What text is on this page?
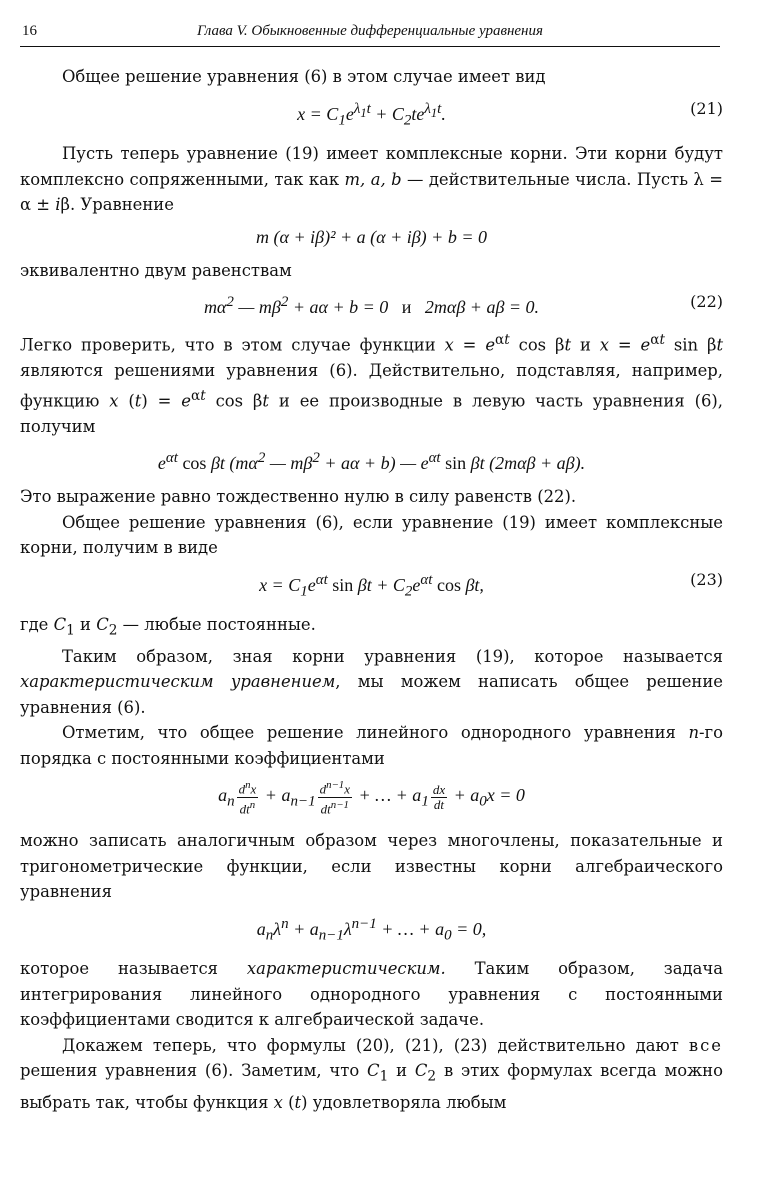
16	Глава V. Обыкновенные дифференциальные уравнения

Общее решение уравнения (6) в этом случае имеет вид

$x = C_1e^{\lambda_1t} + C_2te^{\lambda_1t}$.	(21)

Пусть теперь уравнение (19) имеет комплексные корни. Эти корни будут комплексно сопряженными, так как m, a, b — действительные числа. Пусть λ = α ± iβ. Уравнение

m (α + iβ)² + a (α + iβ) + b = 0

эквивалентно двум равенствам

$m\alpha^2$ — $m\beta^2 + a\alpha + b = 0$   и   2mαβ + aβ = 0.	(22)

Легко проверить, что в этом случае функции $x = e^{\alpha t}$ cos βt и $x = e^{\alpha t}$ sin βt являются решениями уравнения (6). Действительно, подставляя, например, функцию x $(t) = e^{\alpha t}$ cos βt и ее производные в левую часть уравнения (6), получим

$e^{\alpha t}$ cos βt ($m\alpha^2$ — $m\beta^2 + a\alpha + b$) — $e^{\alpha t}$ sin βt (2mαβ + aβ).

Это выражение равно тождественно нулю в силу равенств (22).

Общее решение уравнения (6), если уравнение (19) имеет комплексные корни, получим в виде

$x = C_1e^{\alpha t}$ $\sin \beta t + C_2e^{\alpha t}$ cos βt,	(23)

где $C_1$ и $C_2$ — любые постоянные.

Таким образом, зная корни уравнения (19), которое называется характеристическим уравнением, мы можем написать общее решение уравнения (6).

Отметим, что общее решение линейного однородного уравнения n-го порядка с постоянными коэффициентами

$a_n \frac{d^nx}{dt^n} + a_{n-1} \frac{d^{n-1}x}{dt^{n-1}}$ + … + $a_1 \frac{dx}{dt} + a_0x = 0$

можно записать аналогичным образом через многочлены, показательные и тригонометрические функции, если известны корни алгебраического уравнения

$a_n\lambda^n + a_{n-1}\lambda^{n-1}$ + … + $a_0 = 0$,

которое называется характеристическим. Таким образом, задача интегрирования линейного однородного уравнения с постоянными коэффициентами сводится к алгебраической задаче.

Докажем теперь, что формулы (20), (21), (23) действительно дают все решения уравнения (6). Заметим, что $C_1$ и $C_2$ в этих формулах всегда можно выбрать так, чтобы функция x (t) удовлетворяла любым
